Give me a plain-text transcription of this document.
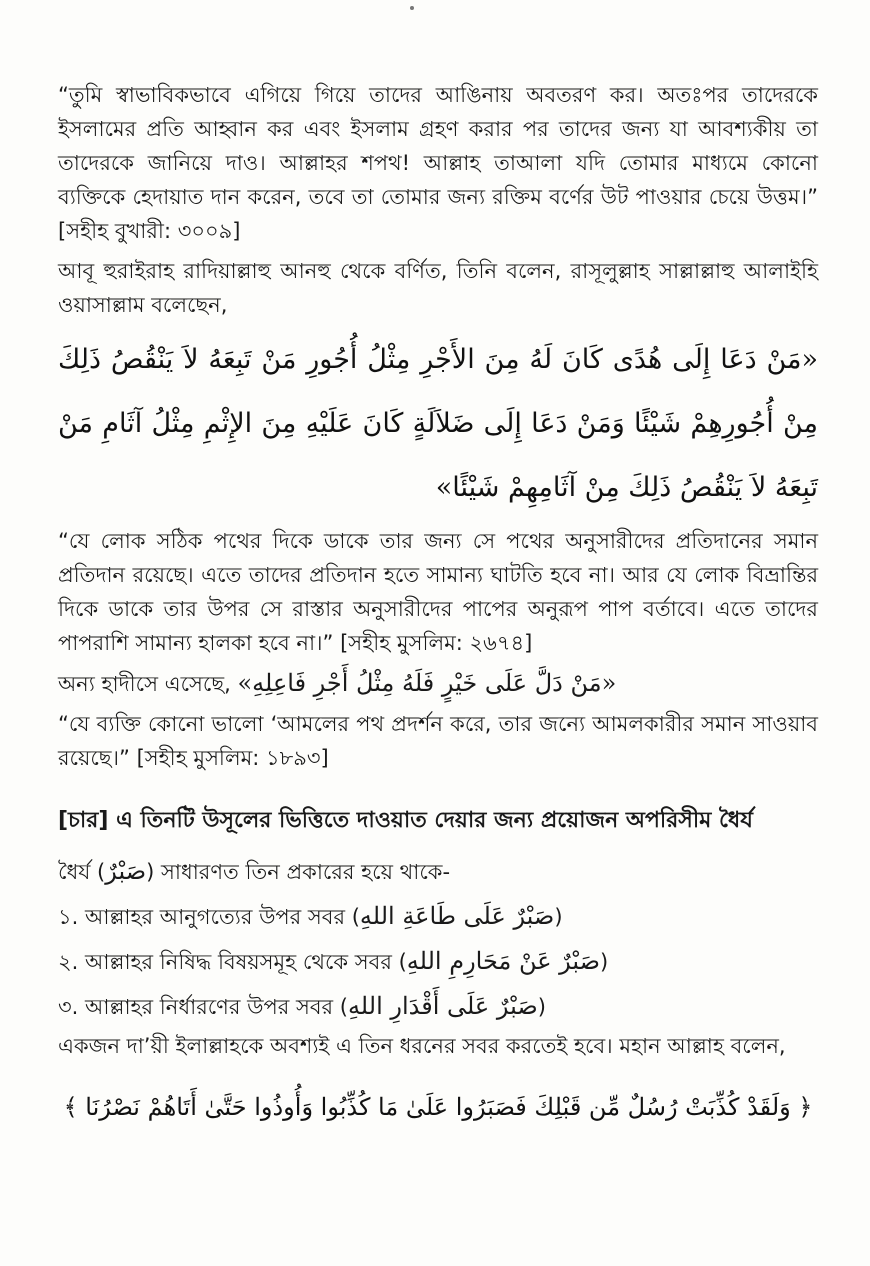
“তুমি স্বাভাবিকভাবে এগিয়ে গিয়ে তাদের আঙিনায় অবতরণ কর। অতঃপর তাদেরকে ইসলামের প্রতি আহ্বান কর এবং ইসলাম গ্রহণ করার পর তাদের জন্য যা আবশ্যকীয় তা তাদেরকে জানিয়ে দাও। আল্লাহর শপথ! আল্লাহ তাআলা যদি তোমার মাধ্যমে কোনো ব্যক্তিকে হেদায়াত দান করেন, তবে তা তোমার জন্য রক্তিম বর্ণের উট পাওয়ার চেয়ে উত্তম।” [সহীহ বুখারী: ৩০০৯]

আবূ হুরাইরাহ রাদিয়াল্লাহু আনহু থেকে বর্ণিত, তিনি বলেন, রাসূলুল্লাহ সাল্লাল্লাহু আলাইহি ওয়াসাল্লাম বলেছেন,

«مَنْ دَعَا إِلَى هُدًى كَانَ لَهُ مِنَ الأَجْرِ مِثْلُ أُجُورِ مَنْ تَبِعَهُ لاَ يَنْقُصُ ذَلِكَ مِنْ أُجُورِهِمْ شَيْئًا وَمَنْ دَعَا إِلَى ضَلاَلَةٍ كَانَ عَلَيْهِ مِنَ الإِثْمِ مِثْلُ آثَامِ مَنْ تَبِعَهُ لاَ يَنْقُصُ ذَلِكَ مِنْ آثَامِهِمْ شَيْئًا»

“যে লোক সঠিক পথের দিকে ডাকে তার জন্য সে পথের অনুসারীদের প্রতিদানের সমান প্রতিদান রয়েছে। এতে তাদের প্রতিদান হতে সামান্য ঘাটতি হবে না। আর যে লোক বিভ্রান্তির দিকে ডাকে তার উপর সে রাস্তার অনুসারীদের পাপের অনুরূপ পাপ বর্তাবে। এতে তাদের পাপরাশি সামান্য হালকা হবে না।” [সহীহ মুসলিম: ২৬৭৪]

অন্য হাদীসে এসেছে, «مَنْ دَلَّ عَلَى خَيْرٍ فَلَهُ مِثْلُ أَجْرِ فَاعِلِهِ»

“যে ব্যক্তি কোনো ভালো ‘আমলের পথ প্রদর্শন করে, তার জন্যে আমলকারীর সমান সাওয়াব রয়েছে।” [সহীহ মুসলিম: ১৮৯৩]

[চার] এ তিনটি উসূলের ভিত্তিতে দাওয়াত দেয়ার জন্য প্রয়োজন অপরিসীম ধৈর্য

ধৈর্য (صَبْرٌ) সাধারণত তিন প্রকারের হয়ে থাকে-

১. আল্লাহর আনুগত্যের উপর সবর (صَبْرٌ عَلَى طَاعَةِ اللهِ)

২. আল্লাহর নিষিদ্ধ বিষয়সমূহ থেকে সবর (صَبْرٌ عَنْ مَحَارِمِ اللهِ)

৩. আল্লাহর নির্ধারণের উপর সবর (صَبْرٌ عَلَى أَقْدَارِ اللهِ)

একজন দা’য়ী ইলাল্লাহকে অবশ্যই এ তিন ধরনের সবর করতেই হবে। মহান আল্লাহ বলেন,

﴿ وَلَقَدْ كُذِّبَتْ رُسُلٌ مِّن قَبْلِكَ فَصَبَرُوا عَلَىٰ مَا كُذِّبُوا وَأُوذُوا حَتَّىٰ أَتَاهُمْ نَصْرُنَا ﴾
